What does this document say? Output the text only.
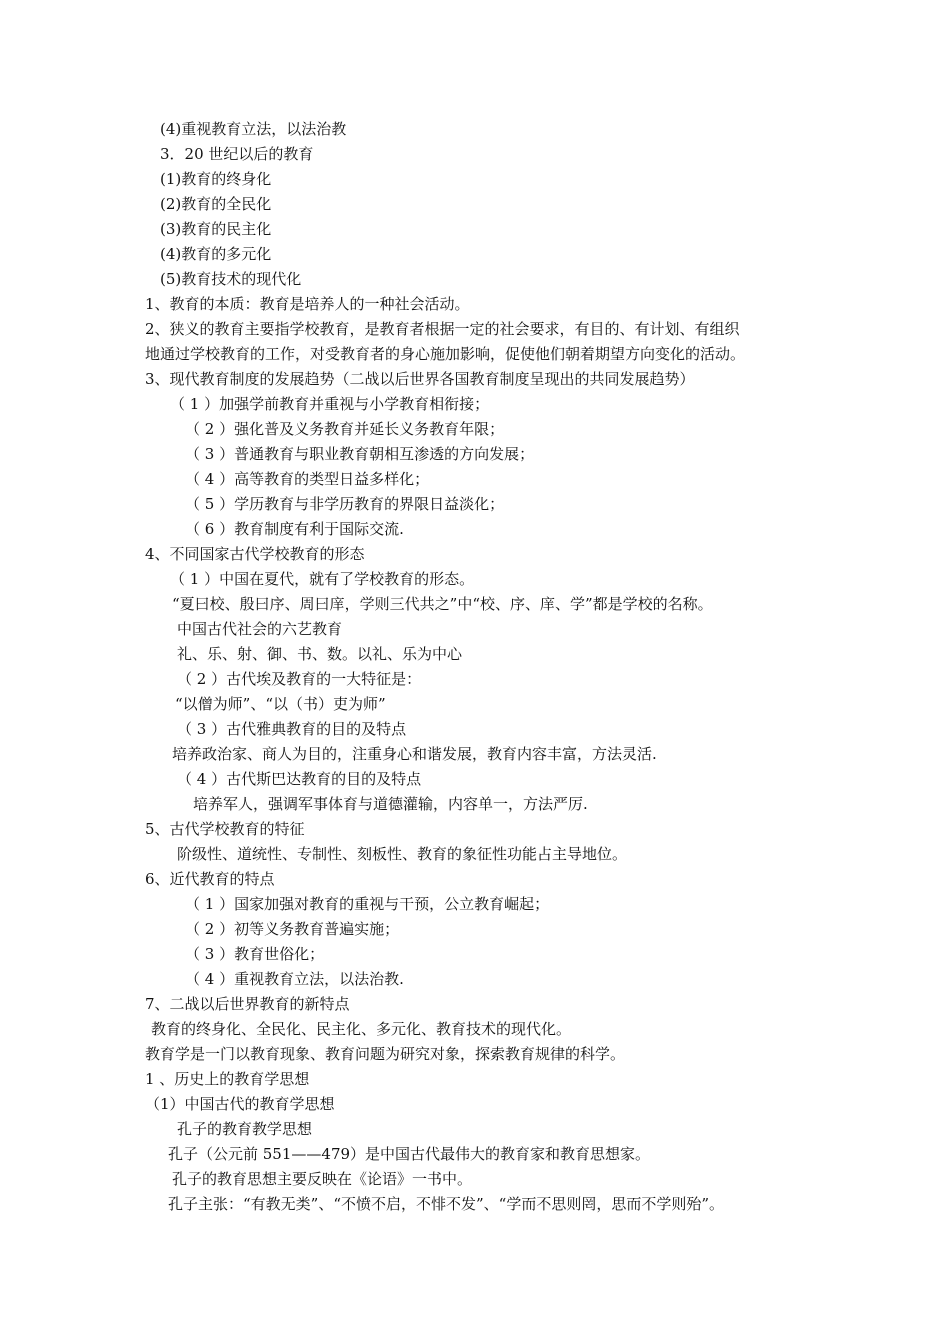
(4)重视教育立法，以法治教
3．20 世纪以后的教育
(1)教育的终身化
(2)教育的全民化
(3)教育的民主化
(4)教育的多元化
(5)教育技术的现代化
1、教育的本质：教育是培养人的一种社会活动。
2、狭义的教育主要指学校教育，是教育者根据一定的社会要求，有目的、有计划、有组织
地通过学校教育的工作，对受教育者的身心施加影响，促使他们朝着期望方向变化的活动。
3、现代教育制度的发展趋势（二战以后世界各国教育制度呈现出的共同发展趋势）
（ 1 ）加强学前教育并重视与小学教育相衔接；
（ 2 ）强化普及义务教育并延长义务教育年限；
（ 3 ）普通教育与职业教育朝相互渗透的方向发展；
（ 4 ）高等教育的类型日益多样化；
（ 5 ）学历教育与非学历教育的界限日益淡化；
（ 6 ）教育制度有利于国际交流.
4、不同国家古代学校教育的形态
（ 1 ）中国在夏代，就有了学校教育的形态。
“夏曰校、殷曰序、周曰庠，学则三代共之”中“校、序、庠、学”都是学校的名称。
中国古代社会的六艺教育
礼、乐、射、御、书、数。以礼、乐为中心
（ 2 ）古代埃及教育的一大特征是：
“以僧为师”、“以（书）吏为师”
（ 3 ）古代雅典教育的目的及特点
培养政治家、商人为目的，注重身心和谐发展，教育内容丰富，方法灵活.
（ 4 ）古代斯巴达教育的目的及特点
培养军人，强调军事体育与道德灌输，内容单一，方法严厉.
5、古代学校教育的特征
阶级性、道统性、专制性、刻板性、教育的象征性功能占主导地位。
6、近代教育的特点
（ 1 ）国家加强对教育的重视与干预，公立教育崛起；
（ 2 ）初等义务教育普遍实施；
（ 3 ）教育世俗化；
（ 4 ）重视教育立法，以法治教.
7、二战以后世界教育的新特点
教育的终身化、全民化、民主化、多元化、教育技术的现代化。
教育学是一门以教育现象、教育问题为研究对象，探索教育规律的科学。
1 、历史上的教育学思想
（1）中国古代的教育学思想
孔子的教育教学思想
孔子（公元前 551——479）是中国古代最伟大的教育家和教育思想家。
孔子的教育思想主要反映在《论语》一书中。
孔子主张：“有教无类”、“不愤不启，不悱不发”、“学而不思则罔，思而不学则殆”。
